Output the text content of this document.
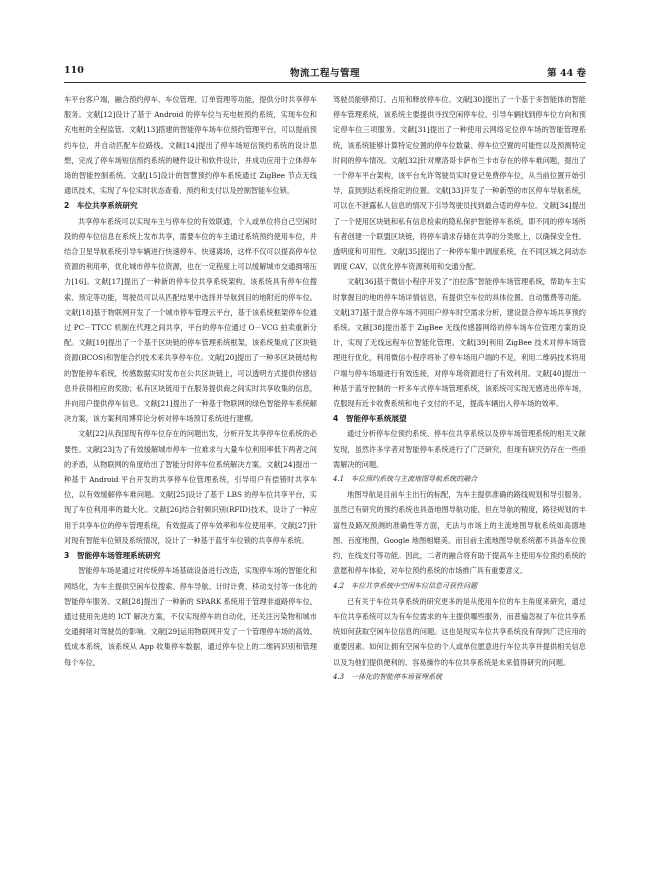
110	物流工程与管理	第 44 卷

车平台客户端，融合预约停车、车位管理、订单管理等功能，提供分时共享停车服务。文献[12]设计了基于 Android 的停车位与充电桩预约系统，实现车位和充电桩的全程监管。文献[13]搭建的智能停车场车位预约管理平台，可以提前预约车位，并自动匹配车位路线。文献[14]提出了停车场短信预约系统的设计思想，完成了停车场短信预约系统的硬件设计和软件设计，并成功应用于立体停车场的智能控制系统。文献[15]设计的智慧预约停车系统通过 ZigBee 节点无线通讯技术，实现了车位实时状态查看、预约和支付以及控制智能车位锁。

2　车位共享系统研究

共享停车系统可以实现车主与停车位的有效联通，个人或单位将自己空闲时段的停车位信息在系统上发布共享，需要车位的车主通过系统预约使用车位，并结合卫星导航系统引导车辆进行快速停车、快速离场，这样不仅可以提高停车位资源的利用率，优化城市停车位资源，也在一定程度上可以缓解城市交通拥堵压力[16]。文献[17]提出了一种新的停车位共享系统架构，该系统具有停车位搜索、预定等功能，驾驶员可以从匹配结果中选择并导航到目的地附近的停车位。文献[18]基于物联网开发了一个城市停车管理云平台，基于该系统框架停车位通过 PC－TTCC 机制在代理之间共享，平台的停车位通过 O－VCG 拍卖重新分配。文献[19]提出了一个基于区块链的停车管理系统框架，该系统集成了区块链资源(BCOS)和智能合约技术来共享停车位。文献[20]提出了一种多区块链结构的智能停车系统，传感数据实时发布在公共区块链上，可以透明方式提供传感信息并获得相应的奖励；私有区块链用于在服务提供商之间实时共享收集的信息，并向用户提供停车信息。文献[21]提出了一种基于物联网的绿色智能停车系统解决方案，该方案利用博弈论分析对停车场预订系统进行建模。

文献[22]从我国现有停车位存在的问题出发，分析开发共享停车位系统的必要性。文献[23]为了有效缓解城市停车一位难求与大量车位利用率低下两者之间的矛盾，从物联网的角度给出了智能分时停车位系统解决方案。文献[24]提出一种基于 Android 平台开发的共享停车位管理系统，引导用户有偿错时共享车位，以有效缓解停车难问题。文献[25]设计了基于 LBS 的停车位共享平台，实现了车位利用率的最大化。文献[26]结合射频识别(RFID)技术，设计了一种应用于共享车位的停车管理系统，有效提高了停车效率和车位使用率。文献[27]针对现有智能车位锁及系统情况，设计了一种基于蓝牙车位锁的共享停车系统。

3　智能停车场管理系统研究

智能停车场是通过对传统停车场基础设备进行改造，实现停车场的智能化和网络化，为车主提供空闲车位搜索、停车导航、计时计费、移动支付等一体化的智能停车服务。文献[28]提出了一种新的 SPARK 系统用于管理非道路停车位，通过使用先进的 ICT 解决方案，不仅实现停车的自动化，还关注污染物和城市交通拥堵对驾驶员的影响。文献[29]运用物联网开发了一个管理停车场的高效、低成本系统，该系统从 App 收集停车数据，通过停车位上的二维码识别和管理每个车位，

驾驶员能够预订、占用和释放停车位。文献[30]提出了一个基于多智能体的智能停车管理系统，该系统主要提供寻找空闲停车位，引导车辆找到停车位方向和预定停车位三项服务。文献[31]提出了一种使用云网络定位停车场的智能管理系统，该系统能够计算特定位置的停车位数量、停车位空置的可能性以及预测特定时间的停车情况。文献[32]针对摩洛哥卡萨布兰卡市存在的停车难问题，提出了一个停车平台架构，该平台允许驾驶员实时登记免费停车位，从当前位置开始引导，直到到达系统指定的位置。文献[33]开发了一种新型的市区停车导航系统，可以在不泄露私人信息的情况下引导驾驶员找到最合适的停车位。文献[34]提出了一个使用区块链和私有信息检索的隐私保护智能停车系统，即不同的停车场所有者创建一个联盟区块链，将停车请求存储在共享的分类账上，以确保安全性、透明度和可用性。文献[35]提出了一种停车集中调度系统，在不同区域之间动态调度 CAV，以优化停车资源利用和交通分配。

文献[36]基于微信小程序开发了“泊拉落”智能停车场管理系统，帮助车主实时掌握目的地的停车场详情信息，有提供空车位的具体位置、自动缴费等功能。文献[37]基于混合停车场不同用户停车时空需求分析，建设混合停车场共享预约系统。文献[38]提出基于 ZigBee 无线传感器网络的停车场车位管理方案的设计，实现了无线远程车位智能化管理。文献[39]利用 ZigBee 技术对停车场管理进行优化，利用微信小程序将补了停车场用户端的不足，利用二维码技术将用户端与停车场端进行有效连接，对停车场资源进行了有效利用。文献[40]提出一种基于蓝牙控制的一杆多车式停车场管理系统，该系统可实现无感进出停车场，克服现有近卡收费系统和电子支付的不足，提高车辆出入停车场的效率。

4　智能停车系统展望

通过分析停车位预约系统、停车位共享系统以及停车场管理系统的相关文献发现，虽然许多学者对智能停车系统进行了广泛研究，但现有研究仍存在一些亟需解决的问题。

4.1　车位预约系统与主流地图导航系统的融合

地图导航是目前车主出行的标配，为车主提供准确的路线规划和导引服务。虽然已有研究的预约系统也具备地图导航功能，但在导航的精度，路径规划的丰富性及路况预测的准确性等方面，无法与市场上的主流地图导航系统如高德地图、百度地图，Google 地图相媲美。而目前主流地图导航系统都不具备车位预约，在线支付等功能。因此，二者的融合将有助于提高车主使用车位预约系统的意愿和停车体验，对车位预约系统的市场推广具有重要意义。

4.2　车位共享系统中空闲车位信息可获性问题

已有关于车位共享系统的研究更多的是从使用车位的车主角度来研究，通过车位共享系统可以为有车位需求的车主提供哪些服务，而普遍忽视了车位共享系统如何获取空闲车位信息的问题。这也是现实车位共享系统没有得到广泛应用的重要因素。如何让拥有空闲车位的个人或单位愿意进行车位共享并提供相关信息以及为他们提供便利的、容易操作的车位共享系统是未来值得研究的问题。

4.3　一体化的智能停车场管理系统
